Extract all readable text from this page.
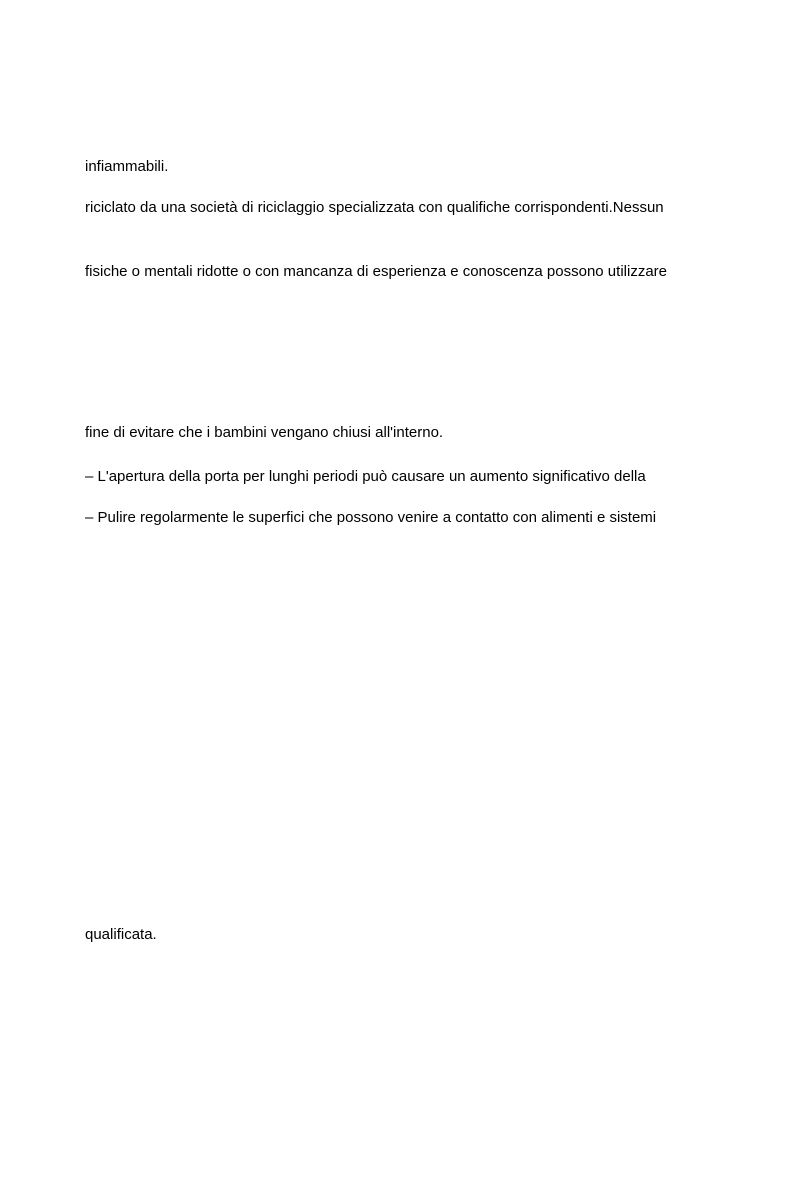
infiammabili.
riciclato da una società di riciclaggio specializzata con qualifiche corrispondenti.Nessun
fisiche o mentali ridotte o con mancanza di esperienza e conoscenza possono utilizzare
fine di evitare che i bambini vengano chiusi all'interno.
– L'apertura della porta per lunghi periodi può causare un aumento significativo della
– Pulire regolarmente le superfici che possono venire a contatto con alimenti e sistemi
qualificata.
